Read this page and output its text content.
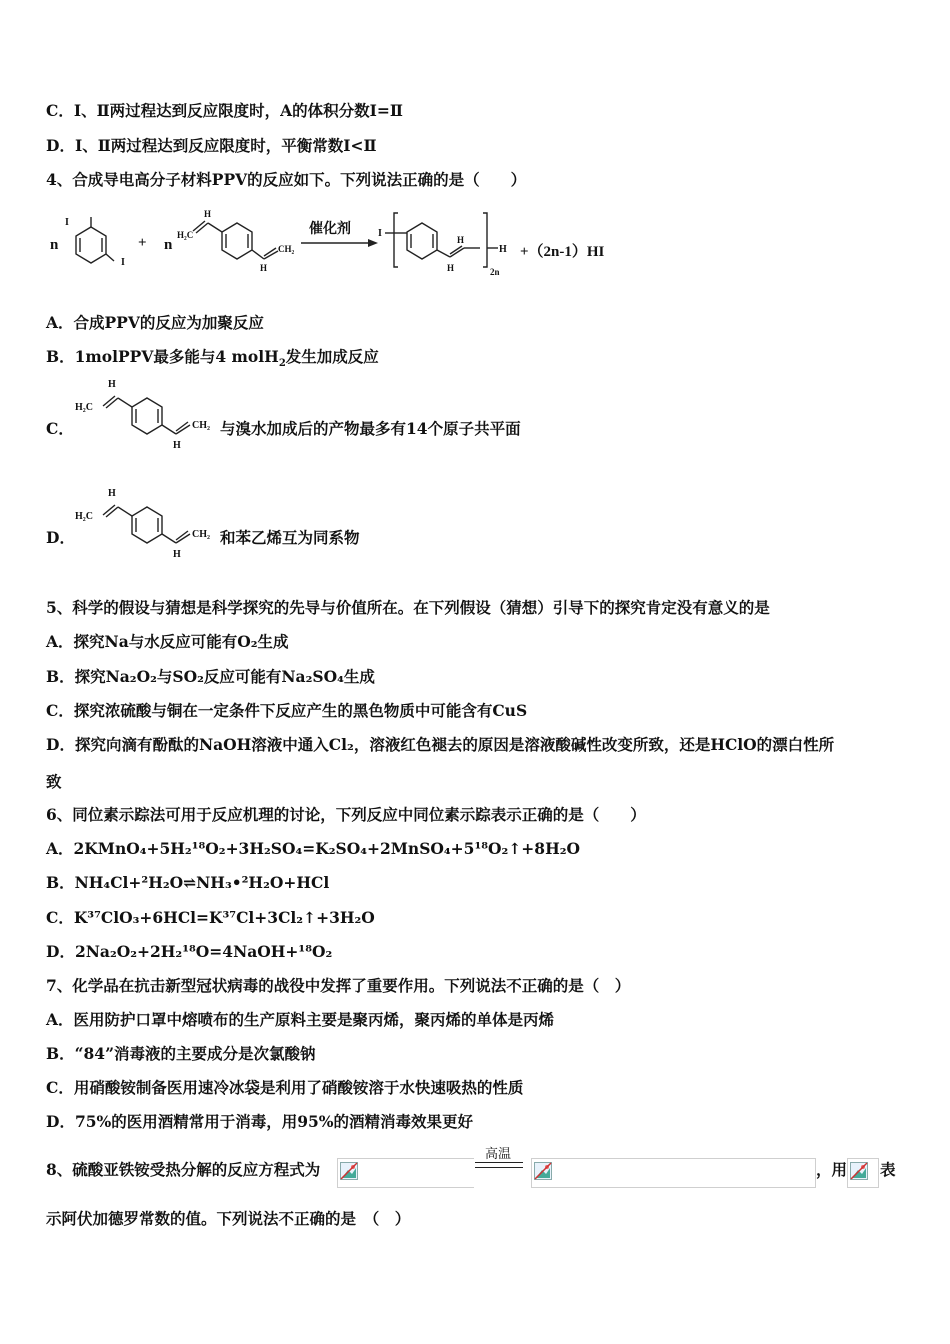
C．Ⅰ、Ⅱ两过程达到反应限度时，A的体积分数Ⅰ=Ⅱ
D．Ⅰ、Ⅱ两过程达到反应限度时，平衡常数I<Ⅱ
4、合成导电高分子材料PPV的反应如下。下列说法正确的是（　　）
n
I
I
+ n
H₂C
H
CH₂
H
催化剂	I
H
H
H
2n
+（2n-1）HI
A．合成PPV的反应为加聚反应
B．1molPPV最多能与4 molH$_2$发生加成反应
C．
H₂C
H
CH₂
H
与溴水加成后的产物最多有14个原子共平面
D．
H₂C
H
CH₂
H
和苯乙烯互为同系物
5、科学的假设与猜想是科学探究的先导与价值所在。在下列假设（猜想）引导下的探究肯定没有意义的是
A．探究Na与水反应可能有O₂生成
B．探究Na₂O₂与SO₂反应可能有Na₂SO₄生成
C．探究浓硫酸与铜在一定条件下反应产生的黑色物质中可能含有CuS
D．探究向滴有酚酞的NaOH溶液中通入Cl₂，溶液红色褪去的原因是溶液酸碱性改变所致，还是HClO的漂白性所
致
6、同位素示踪法可用于反应机理的讨论，下列反应中同位素示踪表示正确的是（　　）
A．2KMnO₄+5H₂¹⁸O₂+3H₂SO₄=K₂SO₄+2MnSO₄+5¹⁸O₂↑+8H₂O
B．NH₄Cl+²H₂O⇌NH₃•²H₂O+HCl
C．K³⁷ClO₃+6HCl=K³⁷Cl+3Cl₂↑+3H₂O
D．2Na₂O₂+2H₂¹⁸O=4NaOH+¹⁸O₂
7、化学品在抗击新型冠状病毒的战役中发挥了重要作用。下列说法不正确的是（　）
A．医用防护口罩中熔喷布的生产原料主要是聚丙烯，聚丙烯的单体是丙烯
B．“84”消毒液的主要成分是次氯酸钠
C．用硝酸铵制备医用速冷冰袋是利用了硝酸铵溶于水快速吸热的性质
D．75%的医用酒精常用于消毒，用95%的酒精消毒效果更好
8、硫酸亚铁铵受热分解的反应方程式为
高温
，用 表
示阿伏加德罗常数的值。下列说法不正确的是　（　）
